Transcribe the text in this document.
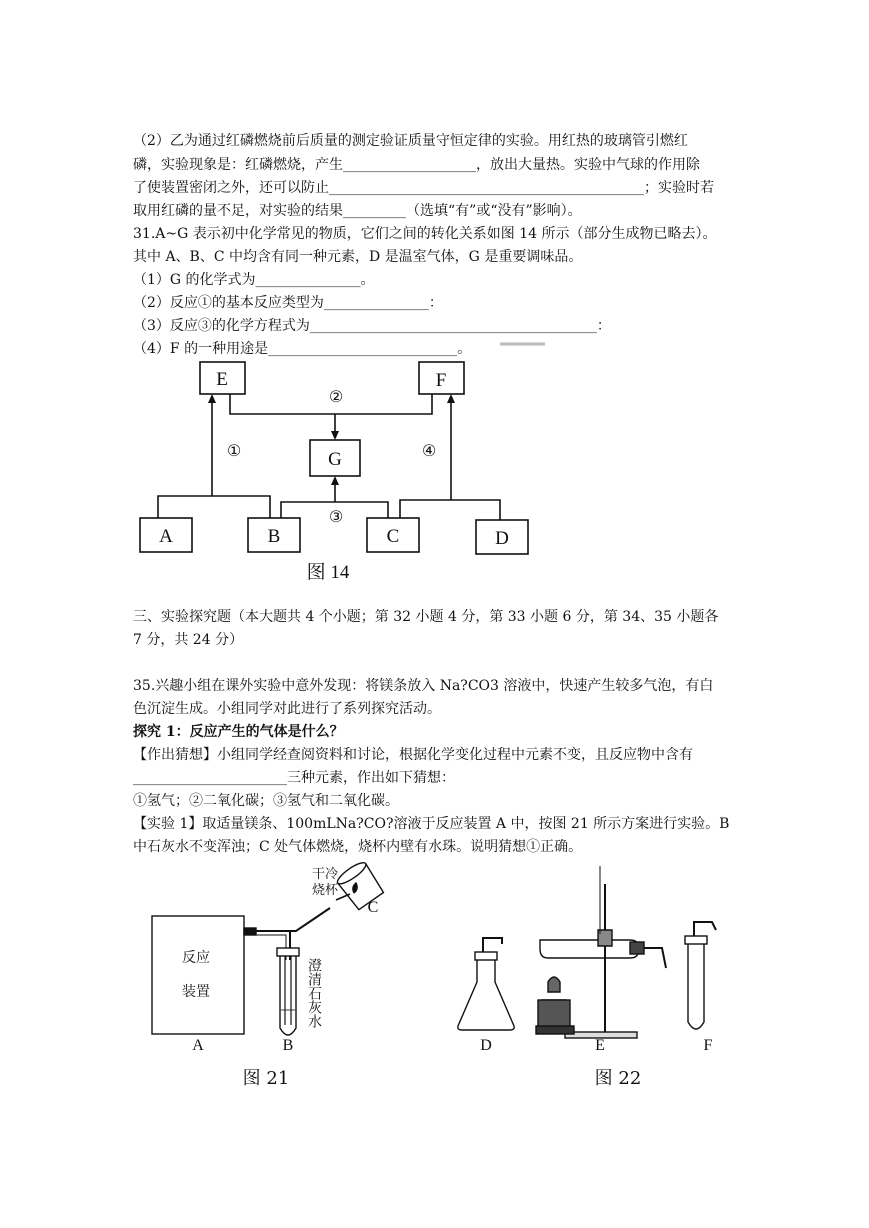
（2）乙为通过红磷燃烧前后质量的测定验证质量守恒定律的实验。用红热的玻璃管引燃红
磷，实验现象是：红磷燃烧，产生___________________，放出大量热。实验中气球的作用除
了使装置密闭之外，还可以防止_____________________________________________；实验时若
取用红磷的量不足，对实验的结果_________（选填“有”或“没有”影响）。
31.A~G 表示初中化学常见的物质，它们之间的转化关系如图 14 所示（部分生成物已略去）。
其中 A、B、C 中均含有同一种元素，D 是温室气体，G 是重要调味品。
（1）G 的化学式为_______________。
（2）反应①的基本反应类型为_______________：
（3）反应③的化学方程式为_________________________________________：
（4）F 的一种用途是___________________________。
E	F
G
A	B	C	D
②
①	④
③
图 14
三、实验探究题（本大题共 4 个小题；第 32 小题 4 分，第 33 小题 6 分，第 34、35 小题各
7 分，共 24 分）
35.兴趣小组在课外实验中意外发现：将镁条放入 Na?CO3 溶液中，快速产生较多气泡，有白
色沉淀生成。小组同学对此进行了系列探究活动。
探究 1：反应产生的气体是什么？
【作出猜想】小组同学经查阅资料和讨论，根据化学变化过程中元素不变，且反应物中含有
______________________三种元素，作出如下猜想：
①氢气；②二氧化碳；③氢气和二氧化碳。
【实验 1】取适量镁条、100mLNa?CO?溶液于反应装置 A 中，按图 21 所示方案进行实验。B
中石灰水不变浑浊；C 处气体燃烧，烧杯内壁有水珠。说明猜想①正确。
反应
装置
干冷
烧杯
澄清石灰水
A	B
C
图 21
D	E	F
图 22
